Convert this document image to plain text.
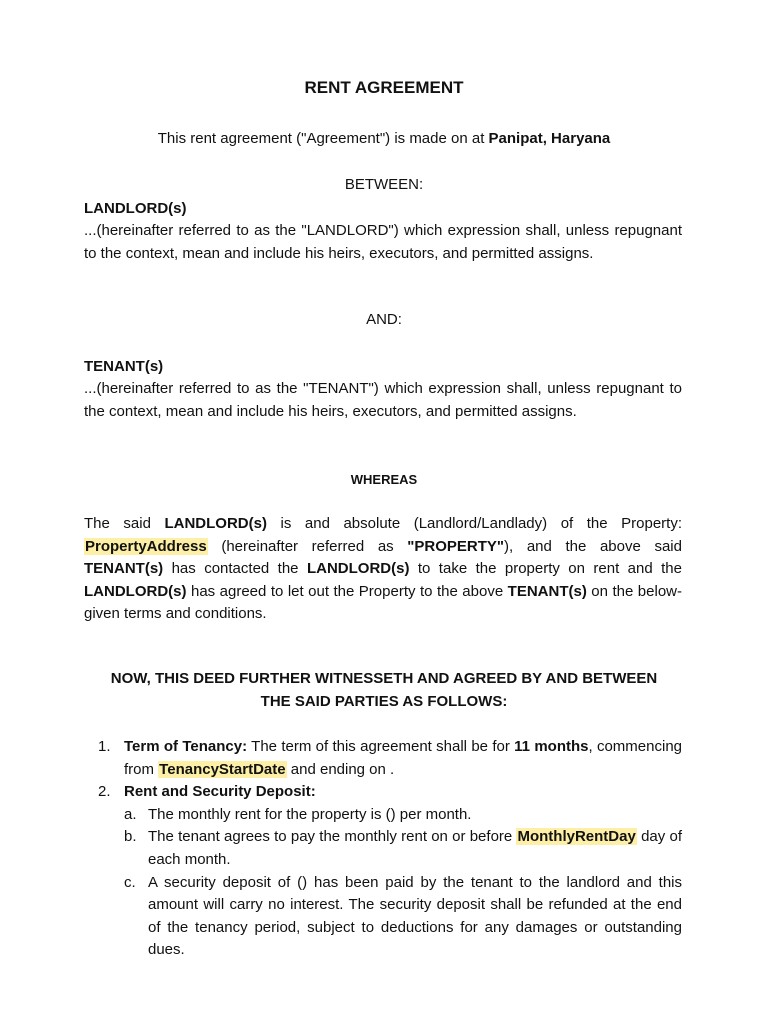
RENT AGREEMENT

This rent agreement ("Agreement") is made on at Panipat, Haryana

BETWEEN:

LANDLORD(s)

...(hereinafter referred to as the "LANDLORD") which expression shall, unless repugnant to the context, mean and include his heirs, executors, and permitted assigns.

AND:

TENANT(s)

...(hereinafter referred to as the "TENANT") which expression shall, unless repugnant to the context, mean and include his heirs, executors, and permitted assigns.

WHEREAS

The said LANDLORD(s) is and absolute (Landlord/Landlady) of the Property: PropertyAddress (hereinafter referred as "PROPERTY"), and the above said TENANT(s) has contacted the LANDLORD(s) to take the property on rent and the LANDLORD(s) has agreed to let out the Property to the above TENANT(s) on the below-given terms and conditions.

NOW, THIS DEED FURTHER WITNESSETH AND AGREED BY AND BETWEEN
THE SAID PARTIES AS FOLLOWS:

1. Term of Tenancy: The term of this agreement shall be for 11 months, commencing from TenancyStartDate and ending on .
2. Rent and Security Deposit:
a. The monthly rent for the property is () per month.
b. The tenant agrees to pay the monthly rent on or before MonthlyRentDay day of each month.
c. A security deposit of () has been paid by the tenant to the landlord and this amount will carry no interest. The security deposit shall be refunded at the end of the tenancy period, subject to deductions for any damages or outstanding dues.
